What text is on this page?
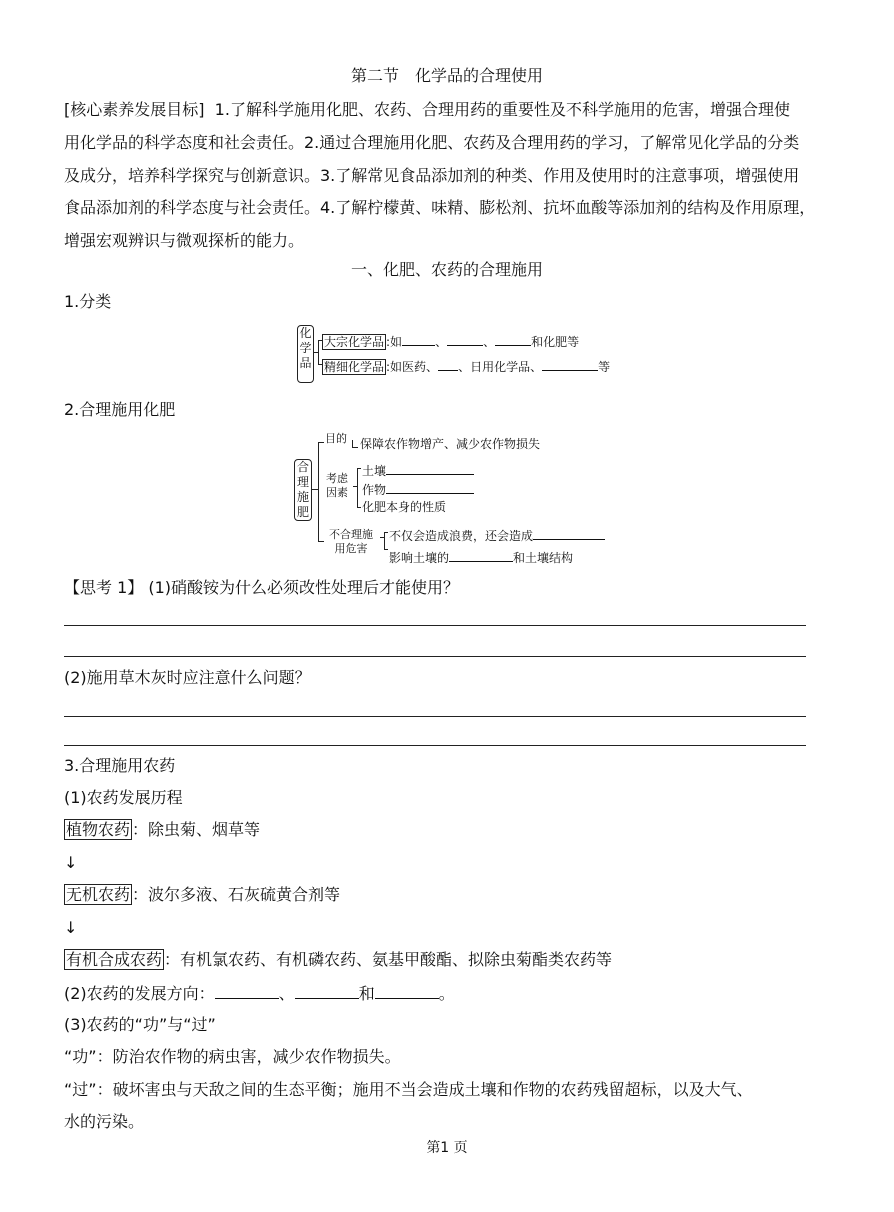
第二节　化学品的合理使用
[核心素养发展目标] 1.了解科学施用化肥、农药、合理用药的重要性及不科学施用的危害，增强合理使
用化学品的科学态度和社会责任。2.通过合理施用化肥、农药及合理用药的学习，了解常见化学品的分类
及成分，培养科学探究与创新意识。3.了解常见食品添加剂的种类、作用及使用时的注意事项，增强使用
食品添加剂的科学态度与社会责任。4.了解柠檬黄、味精、膨松剂、抗坏血酸等添加剂的结构及作用原理，
增强宏观辨识与微观探析的能力。
一、化肥、农药的合理施用
1.分类
化
学
品
大宗化学品 :如	、	、	和化肥等
精细化学品 :如医药、 、日用化学品、	等
2.合理施用化肥
合
理
施
肥
目的 保障农作物增产、减少农作物损失
考虑
因素
土壤
作物
化肥本身的性质
不合理施
用危害
不仅会造成浪费，还会造成
影响土壤的	和土壤结构
【思考 1】 (1)硝酸铵为什么必须改性处理后才能使用？
(2)施用草木灰时应注意什么问题？
3.合理施用农药
(1)农药发展历程
植物农药 ：除虫菊、烟草等
↓
无机农药 ：波尔多液、石灰硫黄合剂等
↓
有机合成农药 ：有机氯农药、有机磷农药、氨基甲酸酯、拟除虫菊酯类农药等
(2)农药的发展方向：	、	和	。
(3)农药的“功”与“过”
“功”：防治农作物的病虫害，减少农作物损失。
“过”：破坏害虫与天敌之间的生态平衡；施用不当会造成土壤和作物的农药残留超标，以及大气、
水的污染。
第1 页
